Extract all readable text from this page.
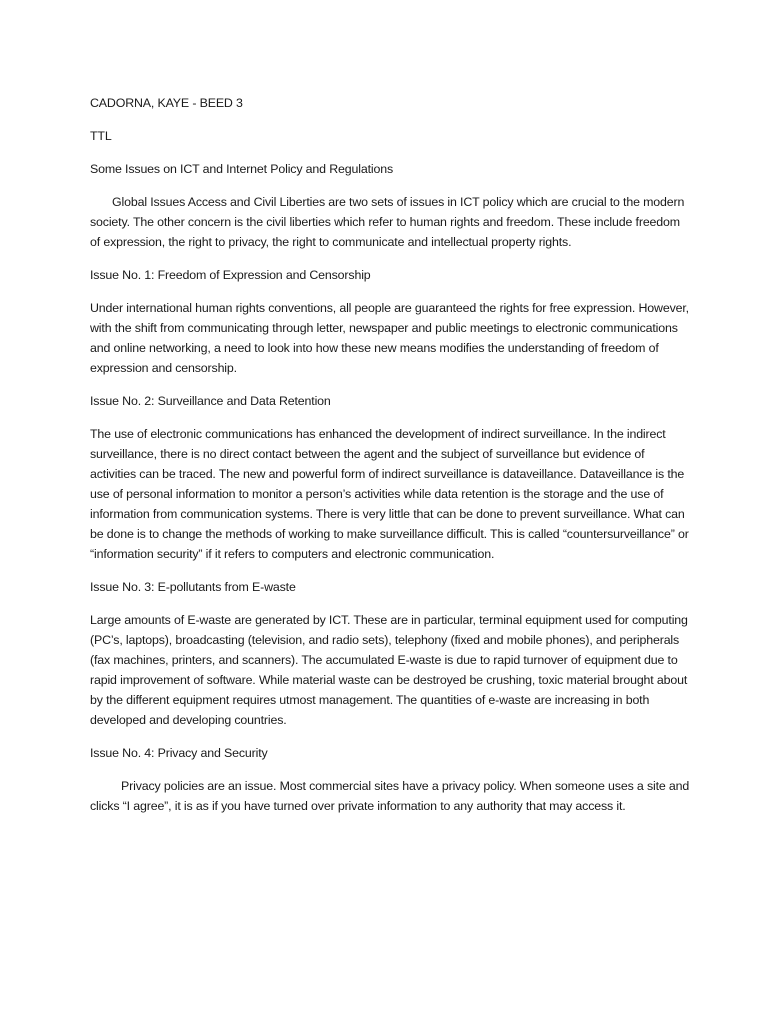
CADORNA, KAYE - BEED 3

TTL

Some Issues on ICT and Internet Policy and Regulations

Global Issues Access and Civil Liberties are two sets of issues in ICT policy which are crucial to the modern society. The other concern is the civil liberties which refer to human rights and freedom. These include freedom of expression, the right to privacy, the right to communicate and intellectual property rights.

Issue No. 1: Freedom of Expression and Censorship

Under international human rights conventions, all people are guaranteed the rights for free expression. However, with the shift from communicating through letter, newspaper and public meetings to electronic communications and online networking, a need to look into how these new means modifies the understanding of freedom of expression and censorship.

Issue No. 2: Surveillance and Data Retention

The use of electronic communications has enhanced the development of indirect surveillance. In the indirect surveillance, there is no direct contact between the agent and the subject of surveillance but evidence of activities can be traced. The new and powerful form of indirect surveillance is dataveillance. Dataveillance is the use of personal information to monitor a person’s activities while data retention is the storage and the use of information from communication systems. There is very little that can be done to prevent surveillance. What can be done is to change the methods of working to make surveillance difficult. This is called “countersurveillance” or “information security” if it refers to computers and electronic communication.

Issue No. 3: E-pollutants from E-waste

Large amounts of E-waste are generated by ICT. These are in particular, terminal equipment used for computing (PC’s, laptops), broadcasting (television, and radio sets), telephony (fixed and mobile phones), and peripherals (fax machines, printers, and scanners). The accumulated E-waste is due to rapid turnover of equipment due to rapid improvement of software. While material waste can be destroyed be crushing, toxic material brought about by the different equipment requires utmost management. The quantities of e-waste are increasing in both developed and developing countries.

Issue No. 4: Privacy and Security

Privacy policies are an issue. Most commercial sites have a privacy policy. When someone uses a site and clicks “I agree”, it is as if you have turned over private information to any authority that may access it.
